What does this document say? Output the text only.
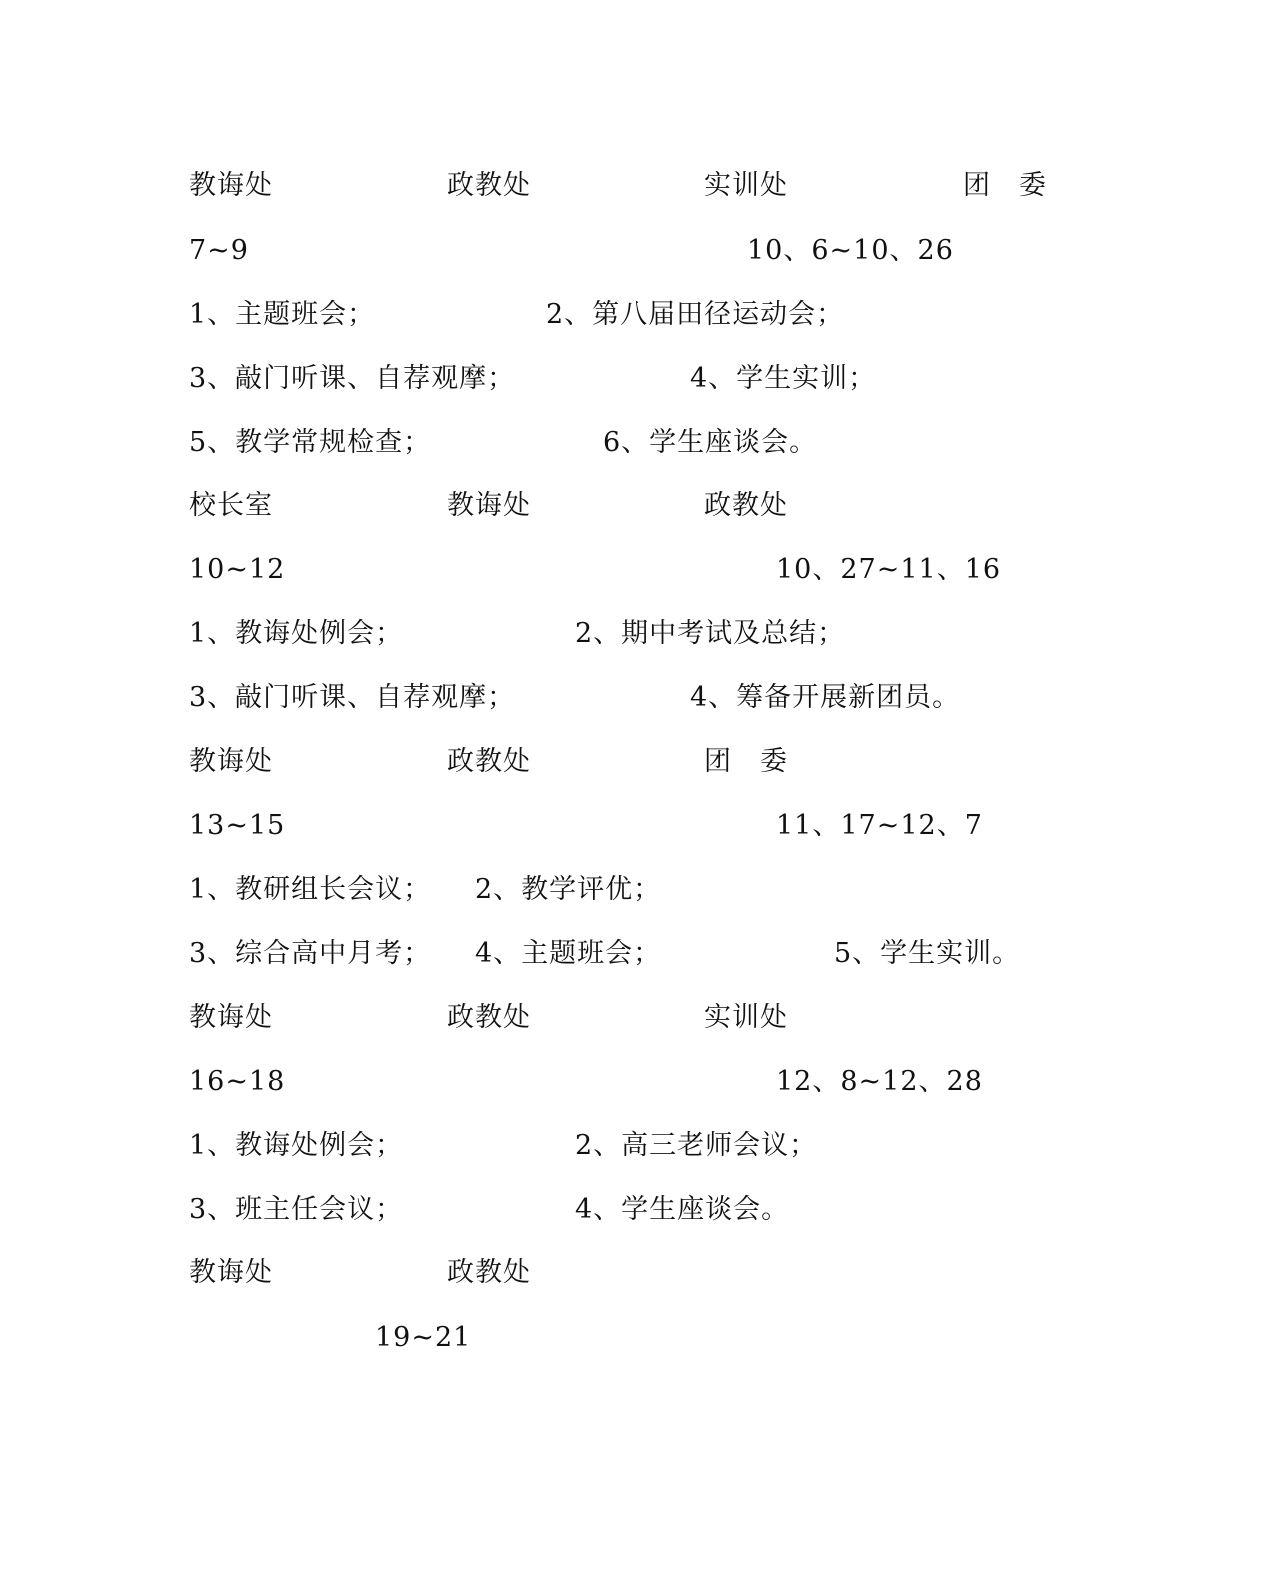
教诲处	政教处	实训处	团　委
7~9	10、6~10、26
1、主题班会；	2、第八届田径运动会；
3、敲门听课、自荐观摩；	4、学生实训；
5、教学常规检查；	6、学生座谈会。
校长室	教诲处	政教处
10~12	10、27~11、16
1、教诲处例会；	2、期中考试及总结；
3、敲门听课、自荐观摩；	4、筹备开展新团员。
教诲处	政教处	团　委
13~15	11、17~12、7
1、教研组长会议； 2、教学评优；
3、综合高中月考； 4、主题班会；	5、学生实训。
教诲处	政教处	实训处
16~18	12、8~12、28
1、教诲处例会；	2、高三老师会议；
3、班主任会议；	4、学生座谈会。
教诲处	政教处
19~21
